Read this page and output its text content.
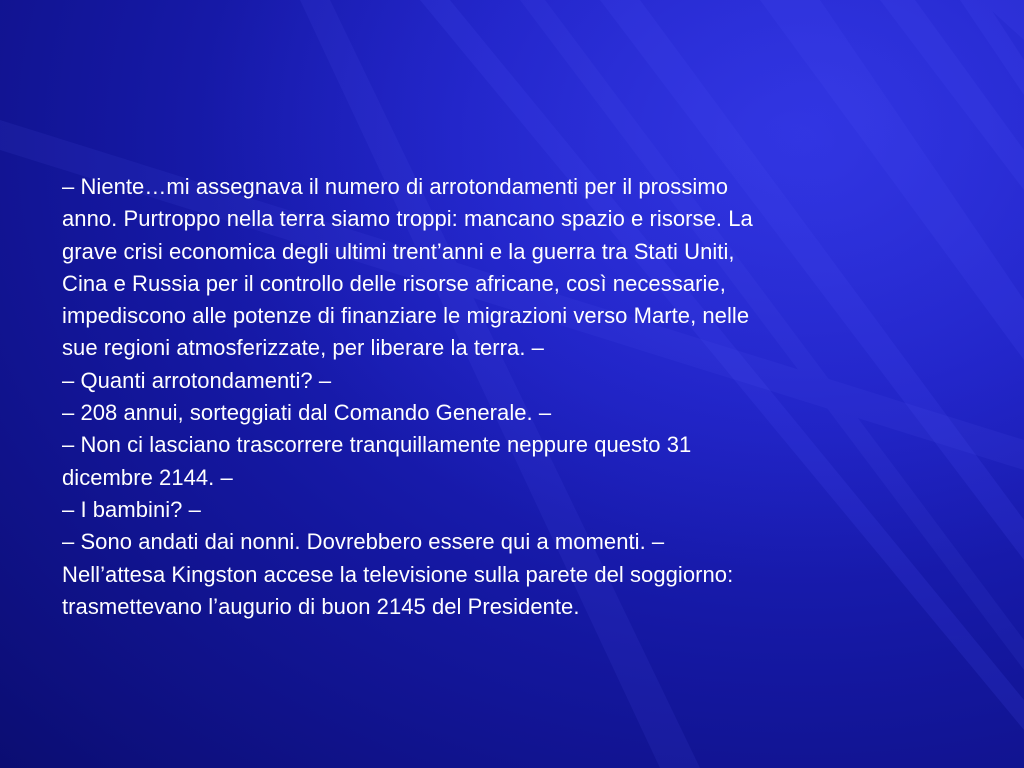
– Niente…mi assegnava il numero di arrotondamenti per il prossimo
anno. Purtroppo nella terra siamo troppi: mancano spazio e risorse. La
grave crisi economica degli ultimi trent’anni e la guerra tra Stati Uniti,
Cina e Russia per il controllo delle risorse africane, così necessarie,
impediscono alle potenze di finanziare le migrazioni verso Marte, nelle
sue regioni atmosferizzate, per liberare la terra. –
– Quanti arrotondamenti? –
– 208 annui, sorteggiati dal Comando Generale. –
– Non ci lasciano trascorrere tranquillamente neppure questo 31
dicembre 2144. –
– I bambini? –
– Sono andati dai nonni. Dovrebbero essere qui a momenti. –
Nell’attesa Kingston accese la televisione sulla parete del soggiorno:
trasmettevano l’augurio di buon 2145 del Presidente.
